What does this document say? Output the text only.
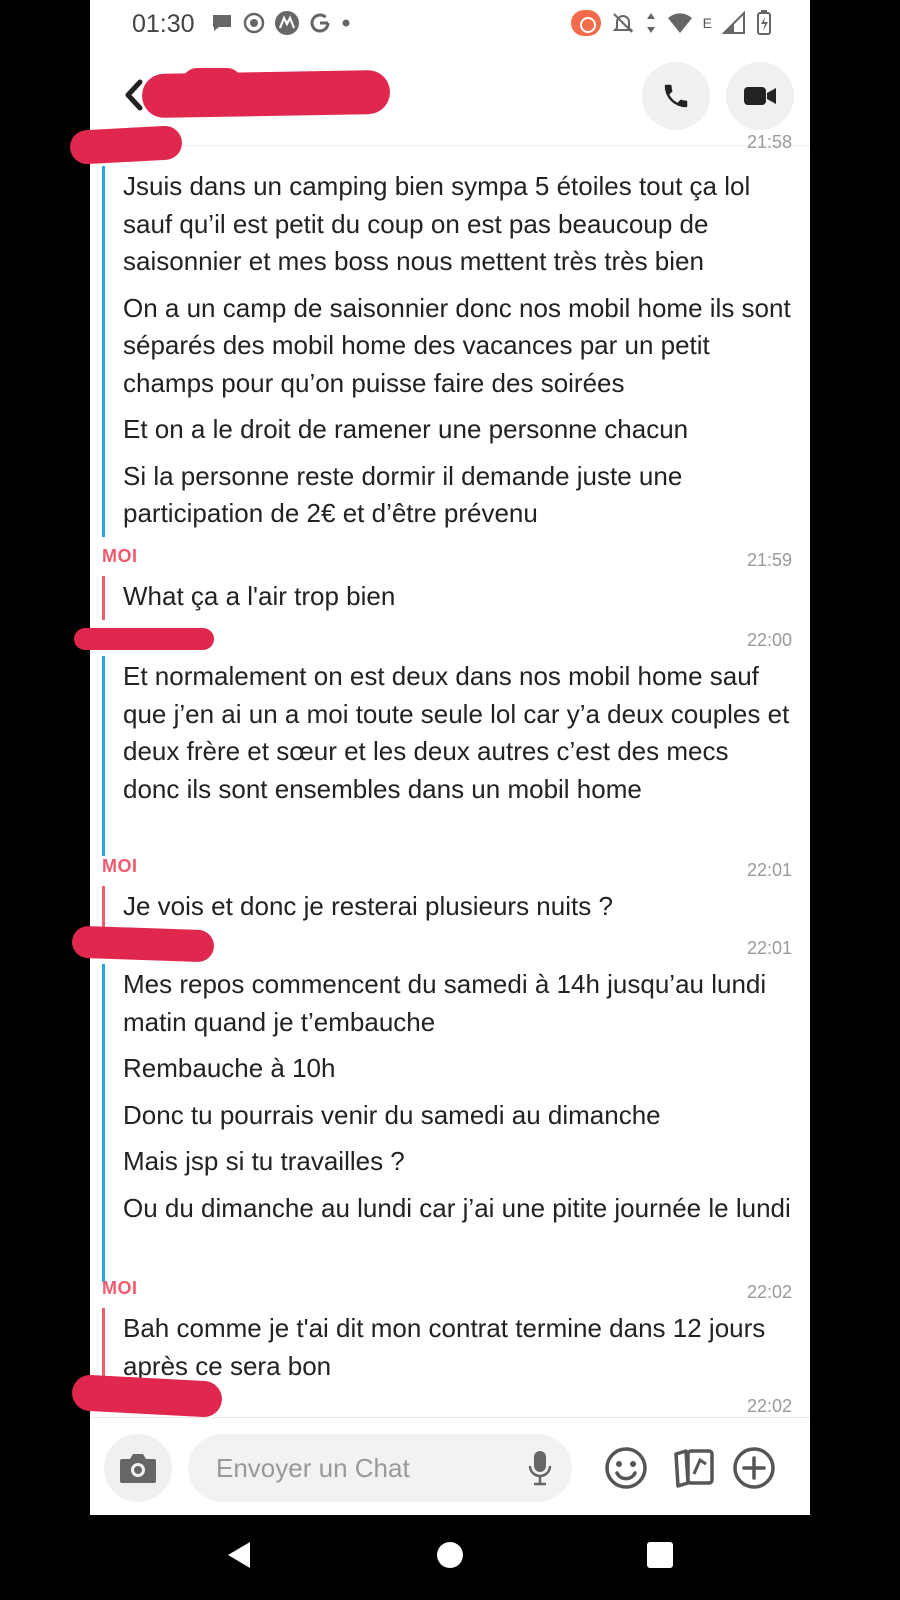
01:30	E
21:58

Jsuis dans un camping bien sympa 5 étoiles tout ça lol sauf qu’il est petit du coup on est pas beaucoup de saisonnier et mes boss nous mettent très très bien

On a un camp de saisonnier donc nos mobil home ils sont séparés des mobil home des vacances par un petit champs pour qu’on puisse faire des soirées

Et on a le droit de ramener une personne chacun

Si la personne reste dormir il demande juste une participation de 2€ et d’être prévenu

MOI	21:59

What ça a l'air trop bien

22:00

Et normalement on est deux dans nos mobil home sauf que j’en ai un a moi toute seule lol car y’a deux couples et deux frère et sœur et les deux autres c’est des mecs donc ils sont ensembles dans un mobil home

MOI	22:01

Je vois et donc je resterai plusieurs nuits ?

22:01

Mes repos commencent du samedi à 14h jusqu’au lundi matin quand je t’embauche

Rembauche à 10h

Donc tu pourrais venir du samedi au dimanche

Mais jsp si tu travailles ?

Ou du dimanche au lundi car j’ai une pitite journée le lundi

MOI	22:02

Bah comme je t'ai dit mon contrat termine dans 12 jours après ce sera bon

22:02
Envoyer un Chat
